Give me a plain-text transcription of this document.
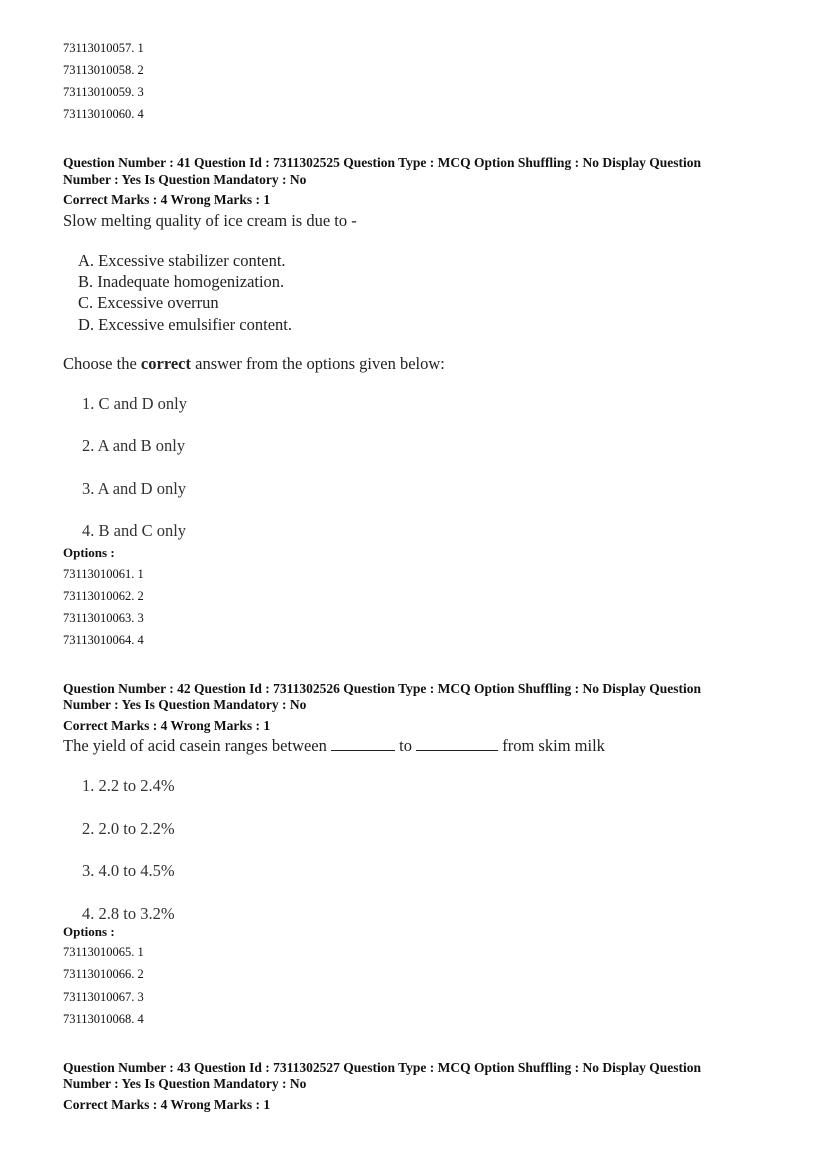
73113010057. 1

73113010058. 2

73113010059. 3

73113010060. 4

Question Number : 41 Question Id : 7311302525 Question Type : MCQ Option Shuffling : No Display Question

Number : Yes Is Question Mandatory : No

Correct Marks : 4 Wrong Marks : 1

Slow melting quality of ice cream is due to -

A. Excessive stabilizer content.

B. Inadequate homogenization.

C. Excessive overrun

D. Excessive emulsifier content.

Choose the correct answer from the options given below:

1. C and D only

2. A and B only

3. A and D only

4. B and C only

Options :

73113010061. 1

73113010062. 2

73113010063. 3

73113010064. 4

Question Number : 42 Question Id : 7311302526 Question Type : MCQ Option Shuffling : No Display Question

Number : Yes Is Question Mandatory : No

Correct Marks : 4 Wrong Marks : 1

The yield of acid casein ranges between	to	from skim milk

1. 2.2 to 2.4%

2. 2.0 to 2.2%

3. 4.0 to 4.5%

4. 2.8 to 3.2%

Options :

73113010065. 1

73113010066. 2

73113010067. 3

73113010068. 4

Question Number : 43 Question Id : 7311302527 Question Type : MCQ Option Shuffling : No Display Question

Number : Yes Is Question Mandatory : No

Correct Marks : 4 Wrong Marks : 1
